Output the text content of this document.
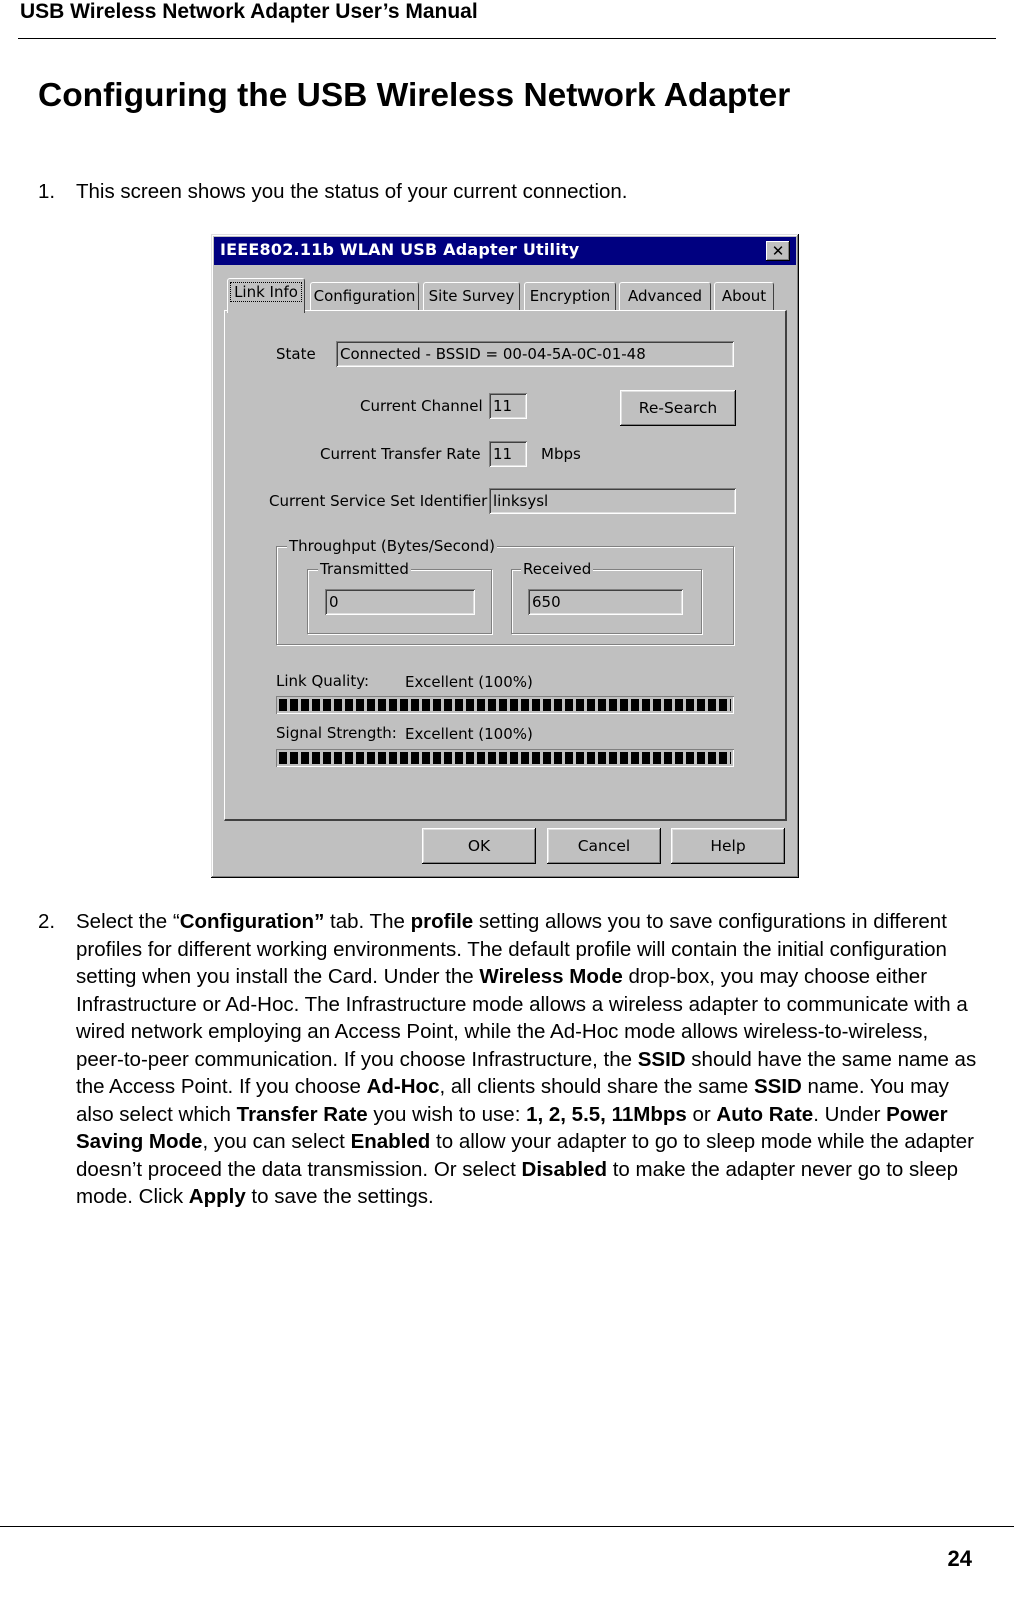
USB Wireless Network Adapter User’s Manual
Configuring the USB Wireless Network Adapter
1. This screen shows you the status of your current connection.
IEEE802.11b WLAN USB Adapter Utility	✕
Link Info	Configuration Site Survey	Encryption	Advanced	About
State Connected - BSSID = 00-04-5A-0C-01-48
Current Channel 11	Re-Search
Current Transfer Rate 11	Mbps
Current Service Set Identifier linksysl
Throughput (Bytes/Second)
Transmitted
0
Received
650
Link Quality: Excellent (100%)
Signal Strength: Excellent (100%)
OK	Cancel	Help
2. Select the “Configuration” tab. The profile setting allows you to save configurations in different profiles for different working environments. The default profile will contain the initial configuration setting when you install the Card. Under the Wireless Mode drop-box, you may choose either Infrastructure or Ad-Hoc. The Infrastructure mode allows a wireless adapter to communicate with a wired network employing an Access Point, while the Ad-Hoc mode allows wireless-to-wireless, peer-to-peer communication. If you choose Infrastructure, the SSID should have the same name as the Access Point. If you choose Ad-Hoc, all clients should share the same SSID name. You may also select which Transfer Rate you wish to use: 1, 2, 5.5, 11Mbps or Auto Rate. Under Power Saving Mode, you can select Enabled to allow your adapter to go to sleep mode while the adapter doesn’t proceed the data transmission. Or select Disabled to make the adapter never go to sleep mode. Click Apply to save the settings.
24
